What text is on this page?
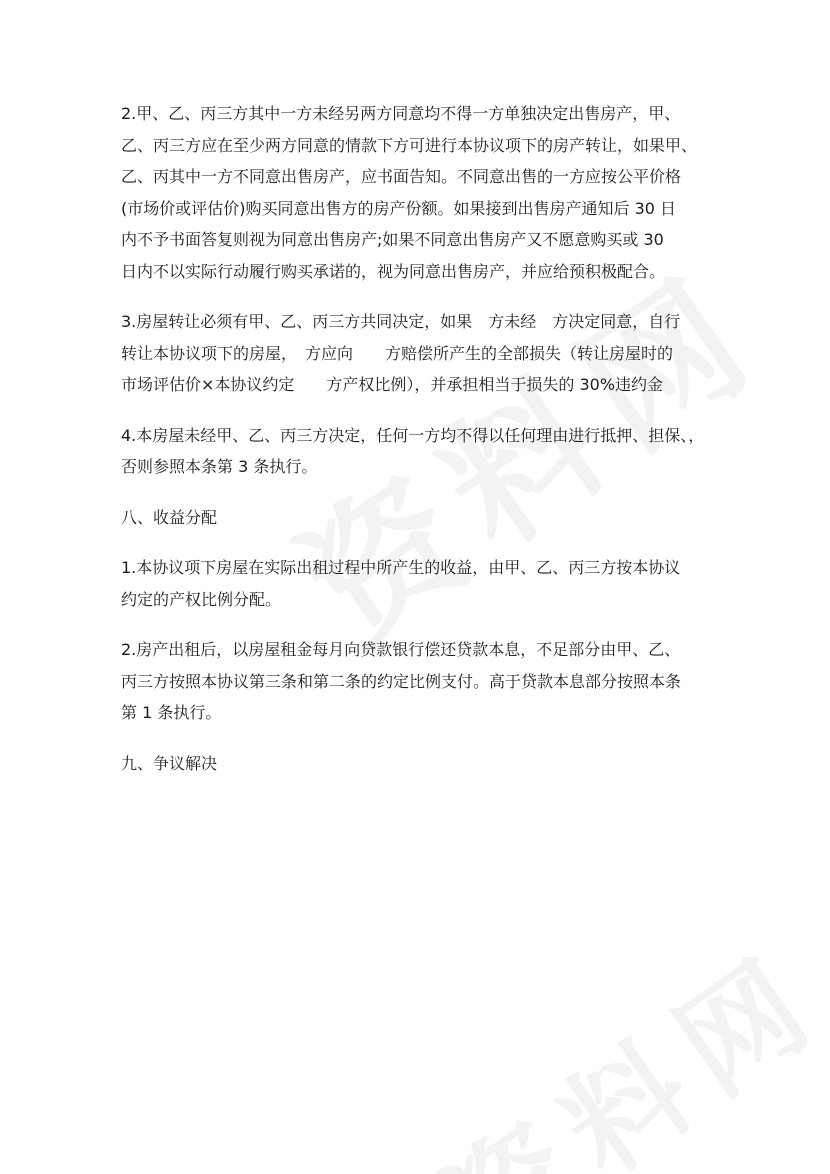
2.甲、乙、丙三方其中一方未经另两方同意均不得一方单独决定出售房产，甲、
乙、丙三方应在至少两方同意的情款下方可进行本协议项下的房产转让，如果甲、
乙、丙其中一方不同意出售房产，应书面告知。不同意出售的一方应按公平价格
(市场价或评估价)购买同意出售方的房产份额。如果接到出售房产通知后 30 日
内不予书面答复则视为同意出售房产;如果不同意出售房产又不愿意购买或 30
日内不以实际行动履行购买承诺的，视为同意出售房产，并应给预积极配合。
3.房屋转让必须有甲、乙、丙三方共同决定，如果　方未经　方决定同意，自行
转让本协议项下的房屋，　方应向　　方赔偿所产生的全部损失（转让房屋时的
市场评估价×本协议约定　　方产权比例），并承担相当于损失的 30%违约金
4.本房屋未经甲、乙、丙三方决定，任何一方均不得以任何理由进行抵押、担保、，
否则参照本条第 3 条执行。
八、收益分配
1.本协议项下房屋在实际出租过程中所产生的收益，由甲、乙、丙三方按本协议
约定的产权比例分配。
2.房产出租后，以房屋租金每月向贷款银行偿还贷款本息，不足部分由甲、乙、
丙三方按照本协议第三条和第二条的约定比例支付。高于贷款本息部分按照本条
第 1 条执行。
九、争议解决
